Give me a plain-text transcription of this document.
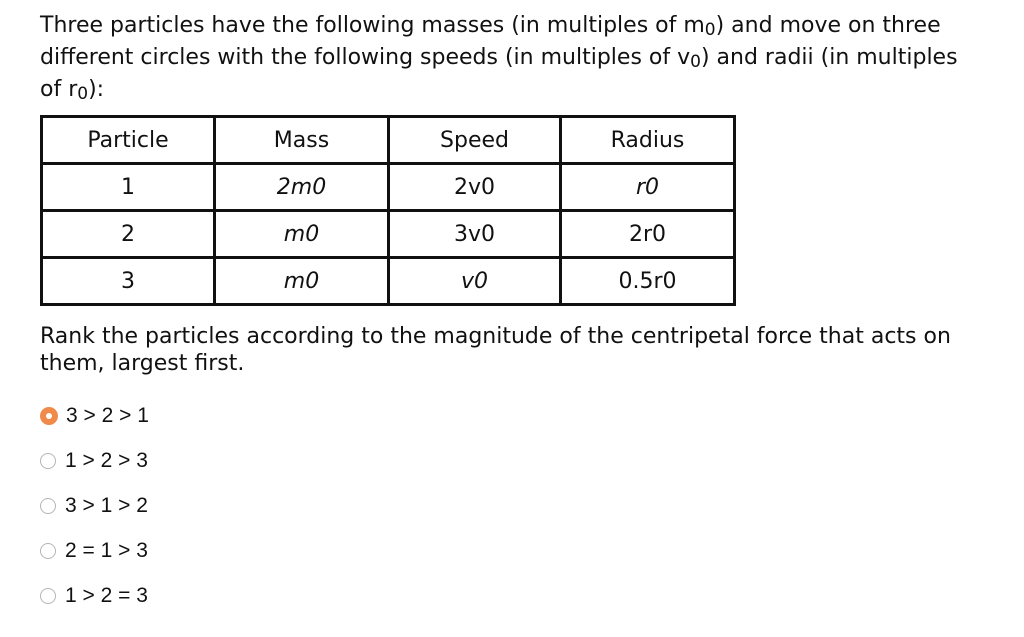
Three particles have the following masses (in multiples of $m_0$) and move on three different circles with the following speeds (in multiples of $v_0$) and radii (in multiples of $r_0$):

Particle	Mass	Speed	Radius
1	2m0	2v0	r0
2	m0	3v0	2r0
3	m0	v0	0.5r0

Rank the particles according to the magnitude of the centripetal force that acts on them, largest first.

3 > 2 > 1
1 > 2 > 3
3 > 1 > 2
2 = 1 > 3
1 > 2 = 3
